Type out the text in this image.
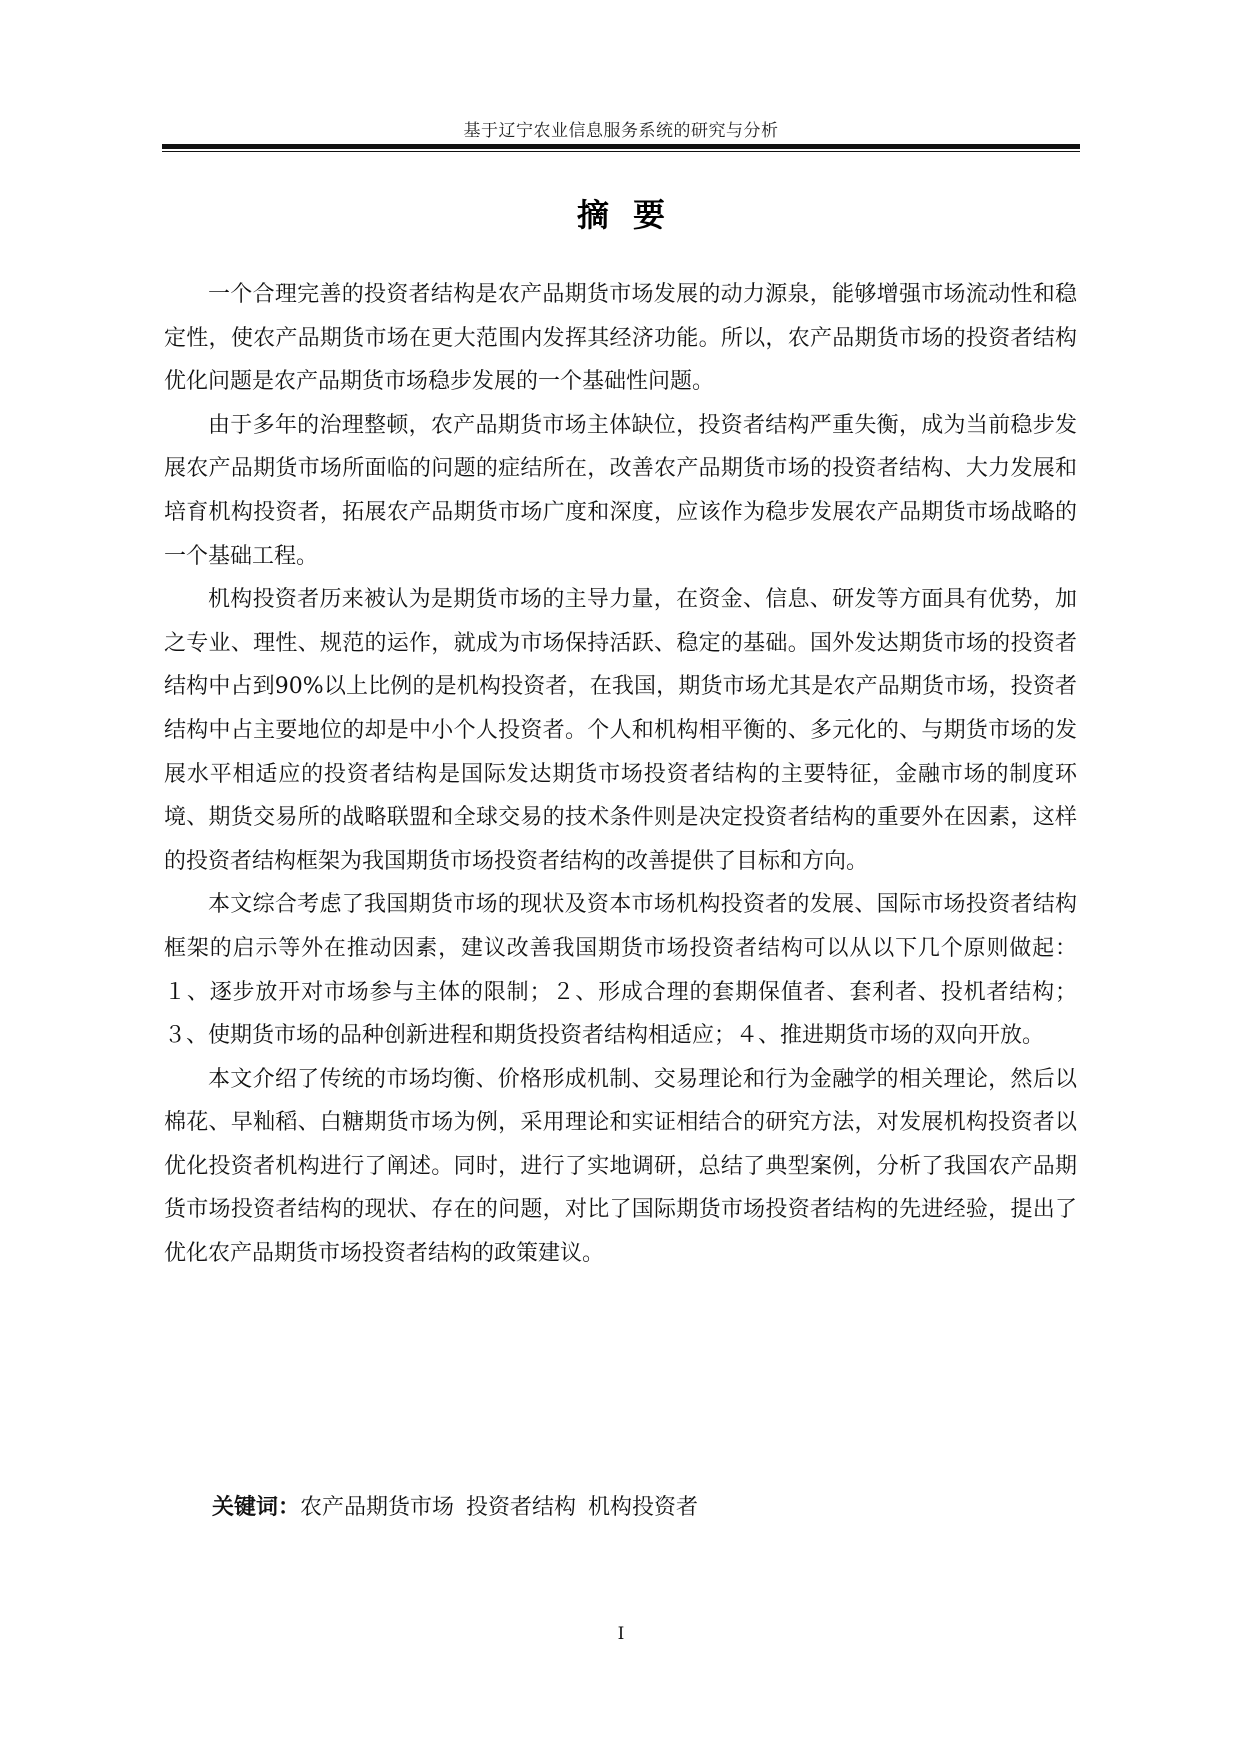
基于辽宁农业信息服务系统的研究与分析
摘要

一个合理完善的投资者结构是农产品期货市场发展的动力源泉，能够增强市场流动性和稳定性，使农产品期货市场在更大范围内发挥其经济功能。所以，农产品期货市场的投资者结构优化问题是农产品期货市场稳步发展的一个基础性问题。

由于多年的治理整顿，农产品期货市场主体缺位，投资者结构严重失衡，成为当前稳步发展农产品期货市场所面临的问题的症结所在，改善农产品期货市场的投资者结构、大力发展和培育机构投资者，拓展农产品期货市场广度和深度，应该作为稳步发展农产品期货市场战略的一个基础工程。

机构投资者历来被认为是期货市场的主导力量，在资金、信息、研发等方面具有优势，加之专业、理性、规范的运作，就成为市场保持活跃、稳定的基础。国外发达期货市场的投资者结构中占到90%以上比例的是机构投资者，在我国，期货市场尤其是农产品期货市场，投资者结构中占主要地位的却是中小个人投资者。个人和机构相平衡的、多元化的、与期货市场的发展水平相适应的投资者结构是国际发达期货市场投资者结构的主要特征，金融市场的制度环境、期货交易所的战略联盟和全球交易的技术条件则是决定投资者结构的重要外在因素，这样的投资者结构框架为我国期货市场投资者结构的改善提供了目标和方向。

本文综合考虑了我国期货市场的现状及资本市场机构投资者的发展、国际市场投资者结构框架的启示等外在推动因素，建议改善我国期货市场投资者结构可以从以下几个原则做起：１、逐步放开对市场参与主体的限制；２、形成合理的套期保值者、套利者、投机者结构；３、使期货市场的品种创新进程和期货投资者结构相适应；４、推进期货市场的双向开放。

本文介绍了传统的市场均衡、价格形成机制、交易理论和行为金融学的相关理论，然后以棉花、早籼稻、白糖期货市场为例，采用理论和实证相结合的研究方法，对发展机构投资者以优化投资者机构进行了阐述。同时，进行了实地调研，总结了典型案例，分析了我国农产品期货市场投资者结构的现状、存在的问题，对比了国际期货市场投资者结构的先进经验，提出了优化农产品期货市场投资者结构的政策建议。

关键词：农产品期货市场 投资者结构 机构投资者
I
